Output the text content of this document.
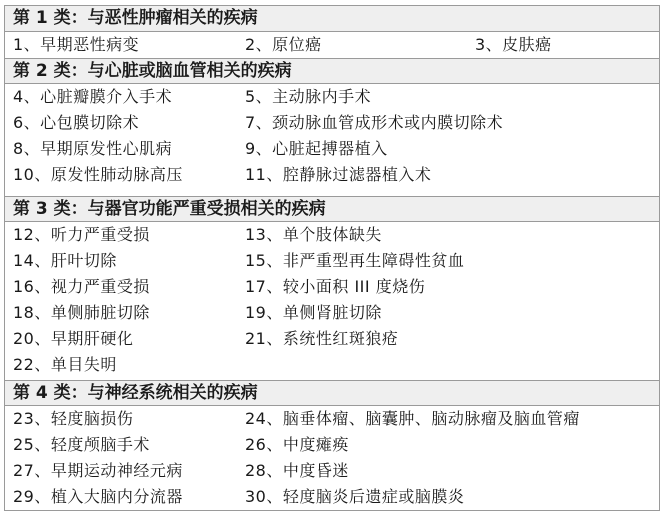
第 1 类：与恶性肿瘤相关的疾病
1、早期恶性病变	2、原位癌	3、皮肤癌
第 2 类：与心脏或脑血管相关的疾病
4、心脏瓣膜介入手术	5、主动脉内手术
6、心包膜切除术	7、颈动脉血管成形术或内膜切除术
8、早期原发性心肌病	9、心脏起搏器植入
10、原发性肺动脉高压	11、腔静脉过滤器植入术
第 3 类：与器官功能严重受损相关的疾病
12、听力严重受损	13、单个肢体缺失
14、肝叶切除	15、非严重型再生障碍性贫血
16、视力严重受损	17、较小面积 III 度烧伤
18、单侧肺脏切除	19、单侧肾脏切除
20、早期肝硬化	21、系统性红斑狼疮
22、单目失明
第 4 类：与神经系统相关的疾病
23、轻度脑损伤	24、脑垂体瘤、脑囊肿、脑动脉瘤及脑血管瘤
25、轻度颅脑手术	26、中度瘫痪
27、早期运动神经元病	28、中度昏迷
29、植入大脑内分流器	30、轻度脑炎后遗症或脑膜炎
